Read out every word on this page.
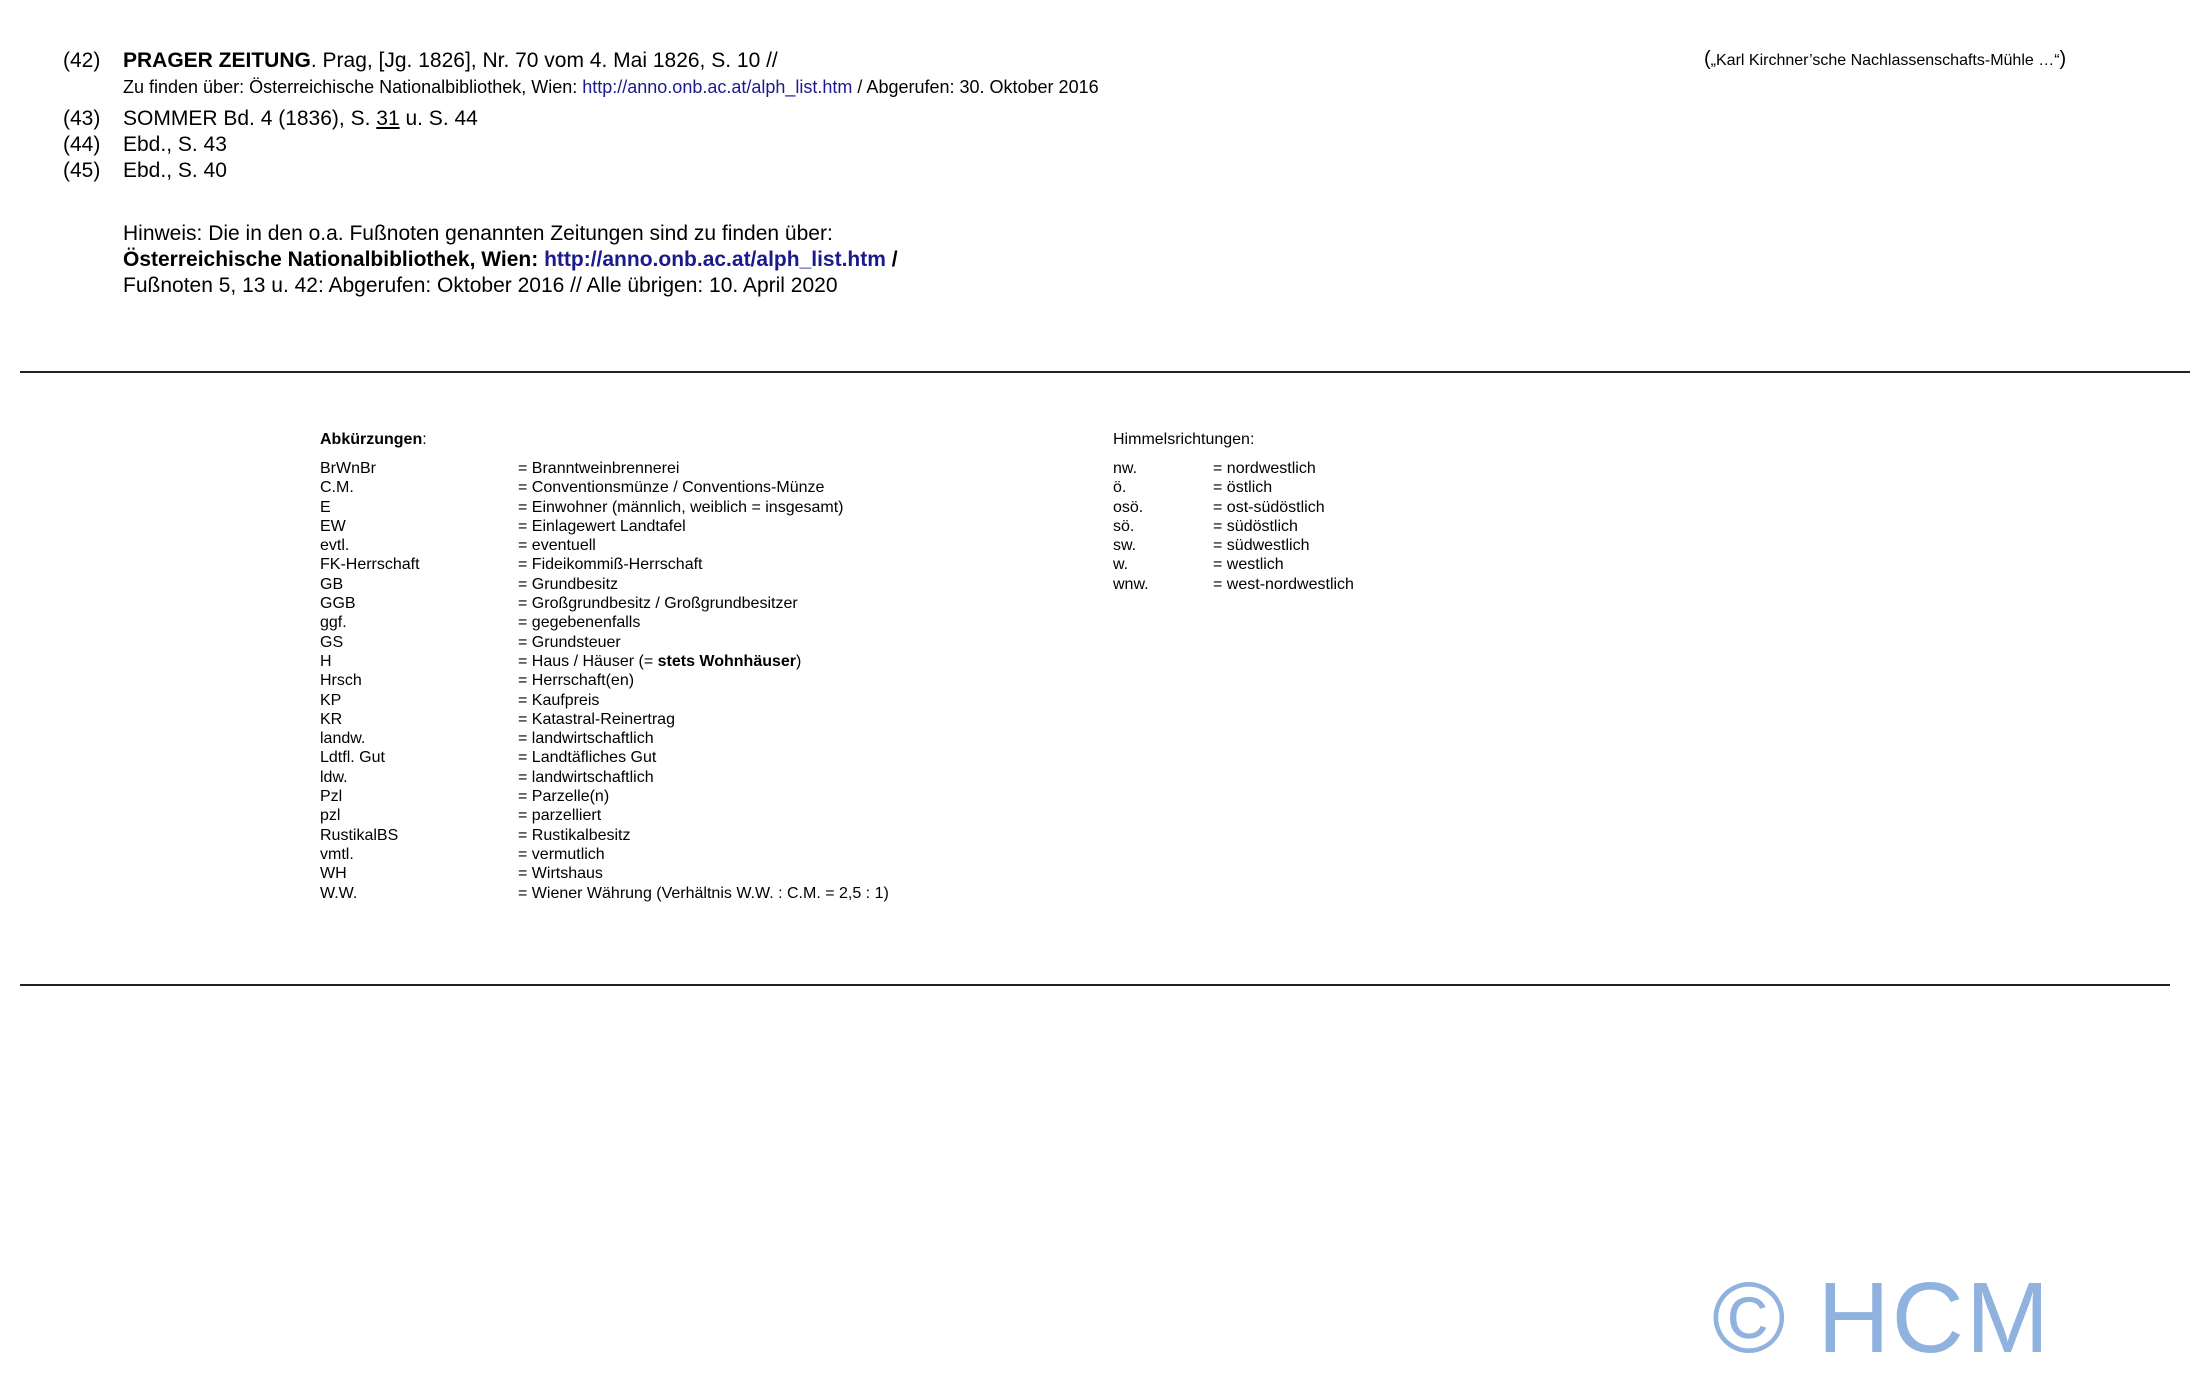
(42) PRAGER ZEITUNG. Prag, [Jg. 1826], Nr. 70 vom 4. Mai 1826, S. 10 //
Zu finden über: Österreichische Nationalbibliothek, Wien: http://anno.onb.ac.at/alph_list.htm / Abgerufen: 30. Oktober 2016
(„Karl Kirchner’sche Nachlassenschafts-Mühle …“)
(43) SOMMER Bd. 4 (1836), S. 31 u. S. 44
(44) Ebd., S. 43
(45) Ebd., S. 40
Hinweis: Die in den o.a. Fußnoten genannten Zeitungen sind zu finden über:
Österreichische Nationalbibliothek, Wien: http://anno.onb.ac.at/alph_list.htm /
Fußnoten 5, 13 u. 42: Abgerufen: Oktober 2016 // Alle übrigen: 10. April 2020
Abkürzungen:
BrWnBr	= Branntweinbrennerei
C.M.	= Conventionsmünze / Conventions-Münze
E	= Einwohner (männlich, weiblich = insgesamt)
EW	= Einlagewert Landtafel
evtl.	= eventuell
FK-Herrschaft	= Fideikommiß-Herrschaft
GB	= Grundbesitz
GGB	= Großgrundbesitz / Großgrundbesitzer
ggf.	= gegebenenfalls
GS	= Grundsteuer
H	= Haus / Häuser (= stets Wohnhäuser)
Hrsch	= Herrschaft(en)
KP	= Kaufpreis
KR	= Katastral-Reinertrag
landw.	= landwirtschaftlich
Ldtfl. Gut	= Landtäfliches Gut
ldw.	= landwirtschaftlich
Pzl	= Parzelle(n)
pzl	= parzelliert
RustikalBS	= Rustikalbesitz
vmtl.	= vermutlich
WH	= Wirtshaus
W.W.	= Wiener Währung (Verhältnis W.W. : C.M. = 2,5 : 1)
Himmelsrichtungen:
nw.	= nordwestlich
ö.	= östlich
osö.	= ost-südöstlich
sö.	= südöstlich
sw.	= südwestlich
w.	= westlich
wnw.	= west-nordwestlich
© HCM
